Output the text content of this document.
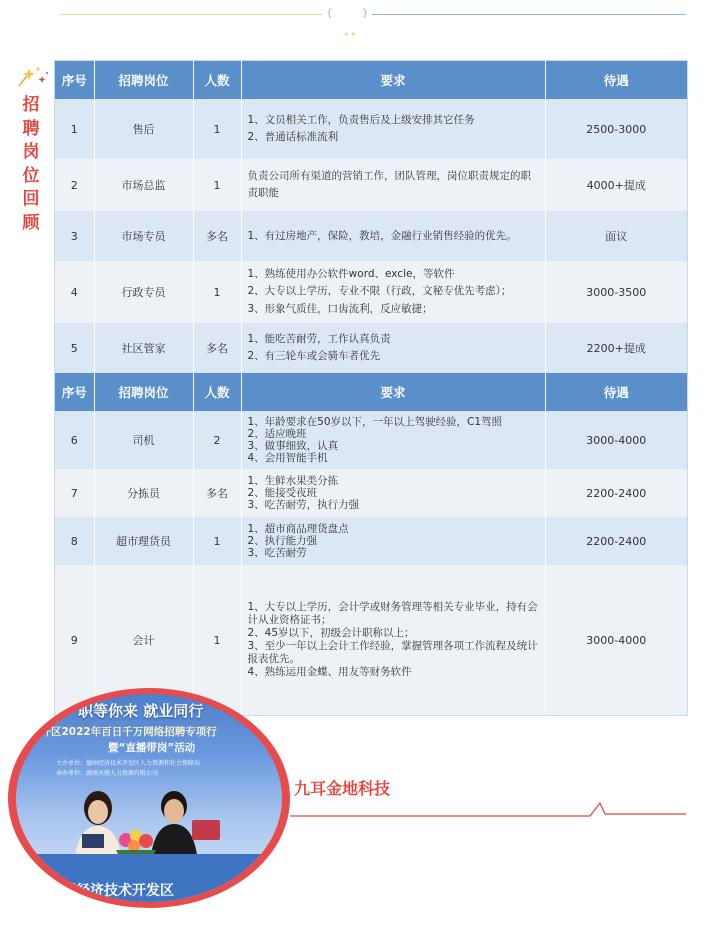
{	}
✦✦
招
聘
岗
位
回
顾
序号	招聘岗位	人数	要求	待遇
1	售后	1	1、文员相关工作，负责售后及上级安排其它任务
2、普通话标准流利	2500-3000
2	市场总监	1	负责公司所有渠道的营销工作，团队管理，岗位职责规定的职责职能	4000+提成
3	市场专员	多名	1、有过房地产，保险，教培，金融行业销售经验的优先。	面议
4	行政专员	1	1、熟练使用办公软件word、excle，等软件
2、大专以上学历，专业不限（行政，文秘专优先考虑）；
3、形象气质佳，口齿流利，反应敏捷；	3000-3500
5	社区管家	多名	1、能吃苦耐劳，工作认真负责
2、有三轮车或会骑车者优先	2200+提成
序号	招聘岗位	人数	要求	待遇
6	司机	2	1、年龄要求在50岁以下，一年以上驾驶经验，C1驾照
2、适应晚班
3、做事细致，认真
4、会用智能手机	3000-4000
7	分拣员	多名	1、生鲜水果类分拣
2、能接受夜班
3、吃苦耐劳，执行力强	2200-2400
8	超市理货员	1	1、超市商品理货盘点
2、执行能力强
3、吃苦耐劳	2200-2400
9	会计	1	1、大专以上学历，会计学或财务管理等相关专业毕业，持有会计从业资格证书；
2、45岁以下，初级会计职称以上；
3、至少一年以上会计工作经验，掌握管理各项工作流程及统计报表优先。
4、熟练运用金蝶、用友等财务软件	3000-4000
职等你来 就业同行
经开区2022年百日千万网络招聘专项行
暨“直播带岗”活动
主办单位：德州经济技术开发区人力资源和社会保障局
承办单位：湖南天胜人力资源有限公司
州经济技术开发区
九耳金地科技
